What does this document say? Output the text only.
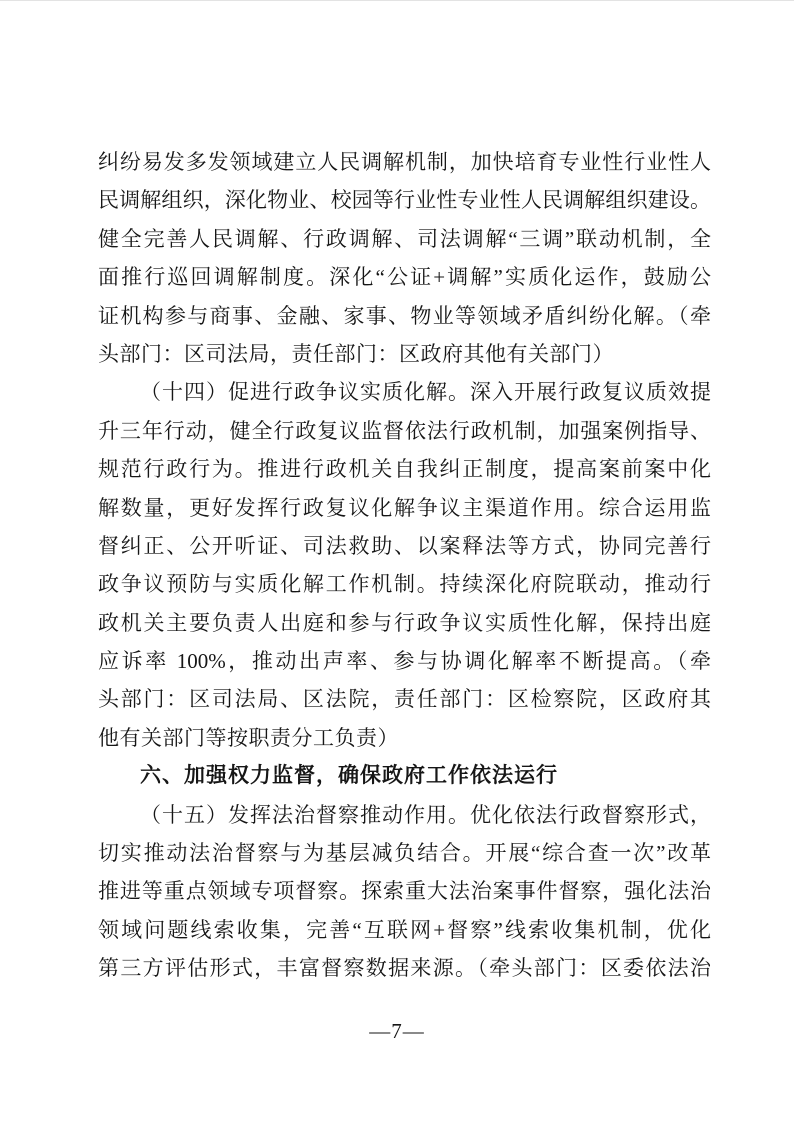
纠纷易发多发领域建立人民调解机制，加快培育专业性行业性人
民调解组织，深化物业、校园等行业性专业性人民调解组织建设。
健全完善人民调解、行政调解、司法调解“三调”联动机制，全
面推行巡回调解制度。深化“公证+调解”实质化运作，鼓励公
证机构参与商事、金融、家事、物业等领域矛盾纠纷化解。（牵
头部门：区司法局，责任部门：区政府其他有关部门）
（十四）促进行政争议实质化解。深入开展行政复议质效提
升三年行动，健全行政复议监督依法行政机制，加强案例指导、
规范行政行为。推进行政机关自我纠正制度，提高案前案中化
解数量，更好发挥行政复议化解争议主渠道作用。综合运用监
督纠正、公开听证、司法救助、以案释法等方式，协同完善行
政争议预防与实质化解工作机制。持续深化府院联动，推动行
政机关主要负责人出庭和参与行政争议实质性化解，保持出庭
应诉率 100%，推动出声率、参与协调化解率不断提高。（牵
头部门：区司法局、区法院，责任部门：区检察院，区政府其
他有关部门等按职责分工负责）
六、加强权力监督，确保政府工作依法运行
（十五）发挥法治督察推动作用。优化依法行政督察形式，
切实推动法治督察与为基层减负结合。开展“综合查一次”改革
推进等重点领域专项督察。探索重大法治案事件督察，强化法治
领域问题线索收集，完善“互联网+督察”线索收集机制，优化
第三方评估形式，丰富督察数据来源。（牵头部门：区委依法治
—7—
